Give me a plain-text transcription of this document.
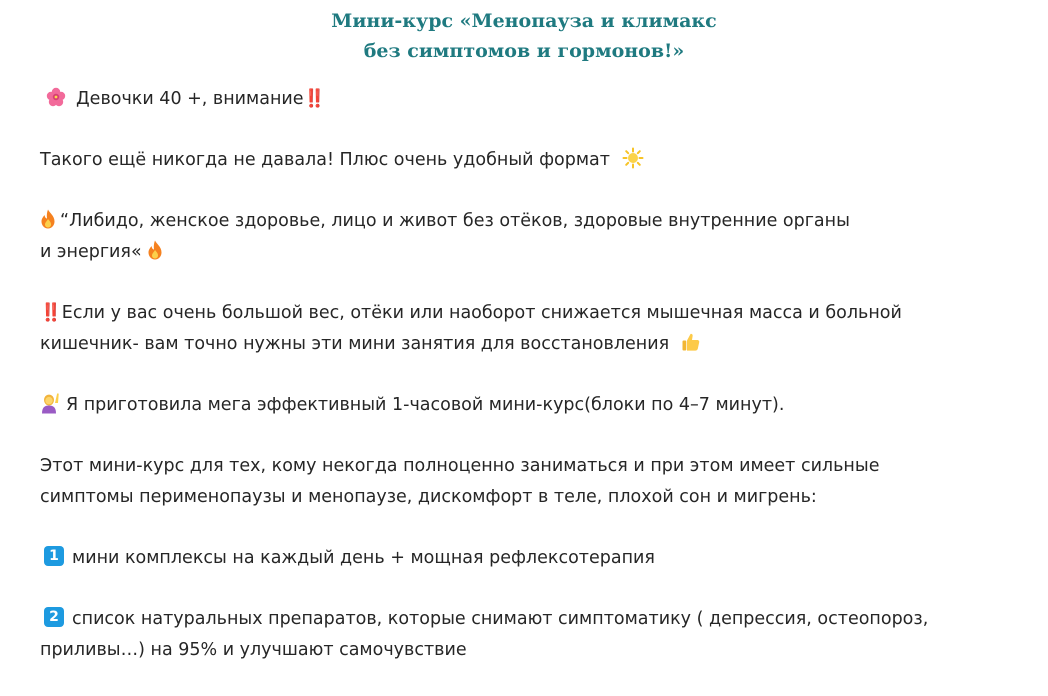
Мини-курс «Менопауза и климакс
без симптомов и гормонов!»

Девочки 40 +, внимание‼️

Такого ещё никогда не давала! Плюс очень удобный формат

“Либидо, женское здоровье, лицо и живот без отёков, здоровые внутренние органы
и энергия«

‼️Если у вас очень большой вес, отёки или наоборот снижается мышечная масса и больной
кишечник- вам точно нужны эти мини занятия для восстановления

Я приготовила мега эффективный 1-часовой мини-курс(блоки по 4–7 минут).

Этот мини-курс для тех, кому некогда полноценно заниматься и при этом имеет сильные
симптомы перименопаузы и менопаузе, дискомфорт в теле, плохой сон и мигрень:

1 мини комплексы на каждый день + мощная рефлексотерапия

2 список натуральных препаратов, которые снимают симптоматику ( депрессия, остеопороз,
приливы…) на 95% и улучшают самочувствие
